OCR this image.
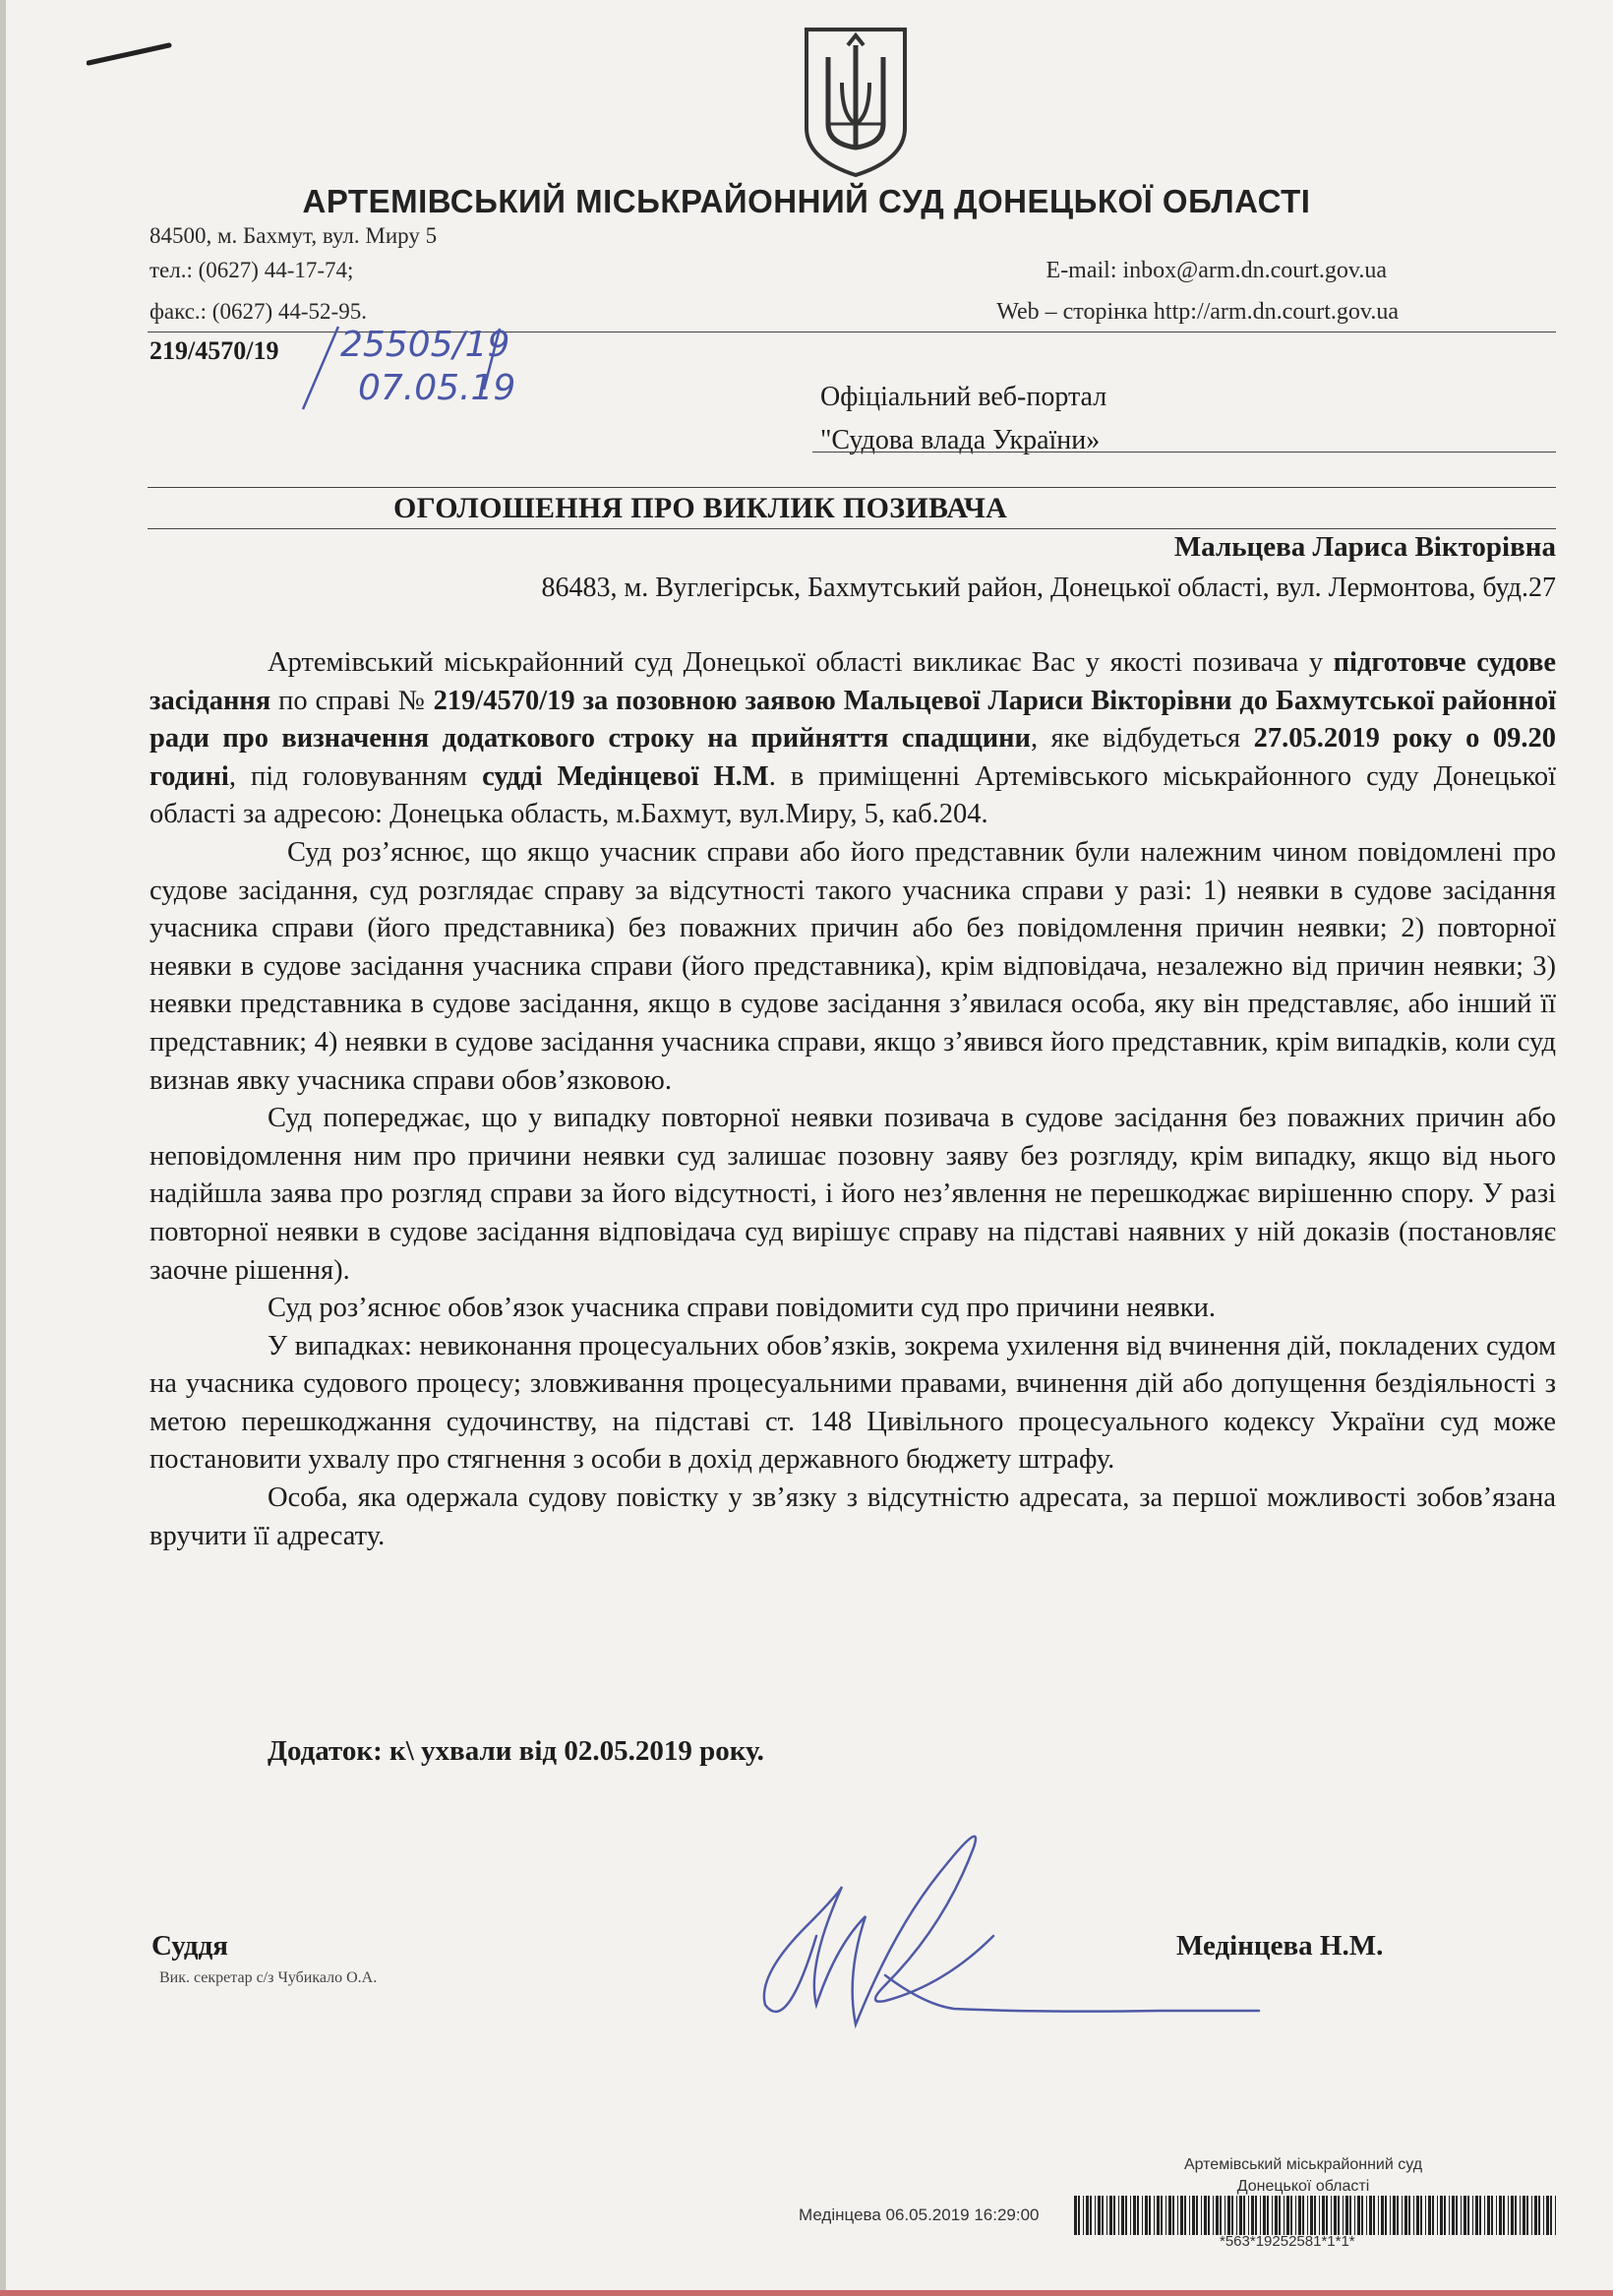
АРТЕМІВСЬКИЙ МІСЬКРАЙОННИЙ СУД ДОНЕЦЬКОЇ ОБЛАСТІ
84500, м. Бахмут, вул. Миру 5
тел.: (0627) 44-17-74;
факс.: (0627) 44-52-95.
E-mail: inbox@arm.dn.court.gov.ua
Web – сторінка http://arm.dn.court.gov.ua
219/4570/19 25505/19
07.05.19	Офіціальний веб-портал
"Судова влада України»
ОГОЛОШЕННЯ ПРО ВИКЛИК ПОЗИВАЧА
Мальцева Лариса Вікторівна
86483, м. Вуглегірськ, Бахмутський район, Донецької області, вул. Лермонтова, буд.27

Артемівський міськрайонний суд Донецької області викликає Вас у якості позивача у підготовче судове засідання по справі № 219/4570/19 за позовною заявою Мальцевої Лариси Вікторівни до Бахмутської районної ради про визначення додаткового строку на прийняття спадщини, яке відбудеться 27.05.2019 року о 09.20 годині, під головуванням судді Медінцевої Н.М. в приміщенні Артемівського міськрайонного суду Донецької області за адресою: Донецька область, м.Бахмут, вул.Миру, 5, каб.204.

Суд роз’яснює, що якщо учасник справи або його представник були належним чином повідомлені про судове засідання, суд розглядає справу за відсутності такого учасника справи у разі: 1) неявки в судове засідання учасника справи (його представника) без поважних причин або без повідомлення причин неявки; 2) повторної неявки в судове засідання учасника справи (його представника), крім відповідача, незалежно від причин неявки; 3) неявки представника в судове засідання, якщо в судове засідання з’явилася особа, яку він представляє, або інший її представник; 4) неявки в судове засідання учасника справи, якщо з’явився його представник, крім випадків, коли суд визнав явку учасника справи обов’язковою.

Суд попереджає, що у випадку повторної неявки позивача в судове засідання без поважних причин або неповідомлення ним про причини неявки суд залишає позовну заяву без розгляду, крім випадку, якщо від нього надійшла заява про розгляд справи за його відсутності, і його нез’явлення не перешкоджає вирішенню спору. У разі повторної неявки в судове засідання відповідача суд вирішує справу на підставі наявних у ній доказів (постановляє заочне рішення).

Суд роз’яснює обов’язок учасника справи повідомити суд про причини неявки.

У випадках: невиконання процесуальних обов’язків, зокрема ухилення від вчинення дій, покладених судом на учасника судового процесу; зловживання процесуальними правами, вчинення дій або допущення бездіяльності з метою перешкоджання судочинству, на підставі ст. 148 Цивільного процесуального кодексу України суд може постановити ухвалу про стягнення з особи в дохід державного бюджету штрафу.

Особа, яка одержала судову повістку у зв’язку з відсутністю адресата, за першої можливості зобов’язана вручити її адресату.

Додаток: к\ ухвали від 02.05.2019 року.
Суддя
Вик. секретар с/з Чубикало О.А.
Медінцева Н.М.
Артемівський міськрайонний суд
Донецької області
Медінцева 06.05.2019 16:29:00
*563*19252581*1*1*
